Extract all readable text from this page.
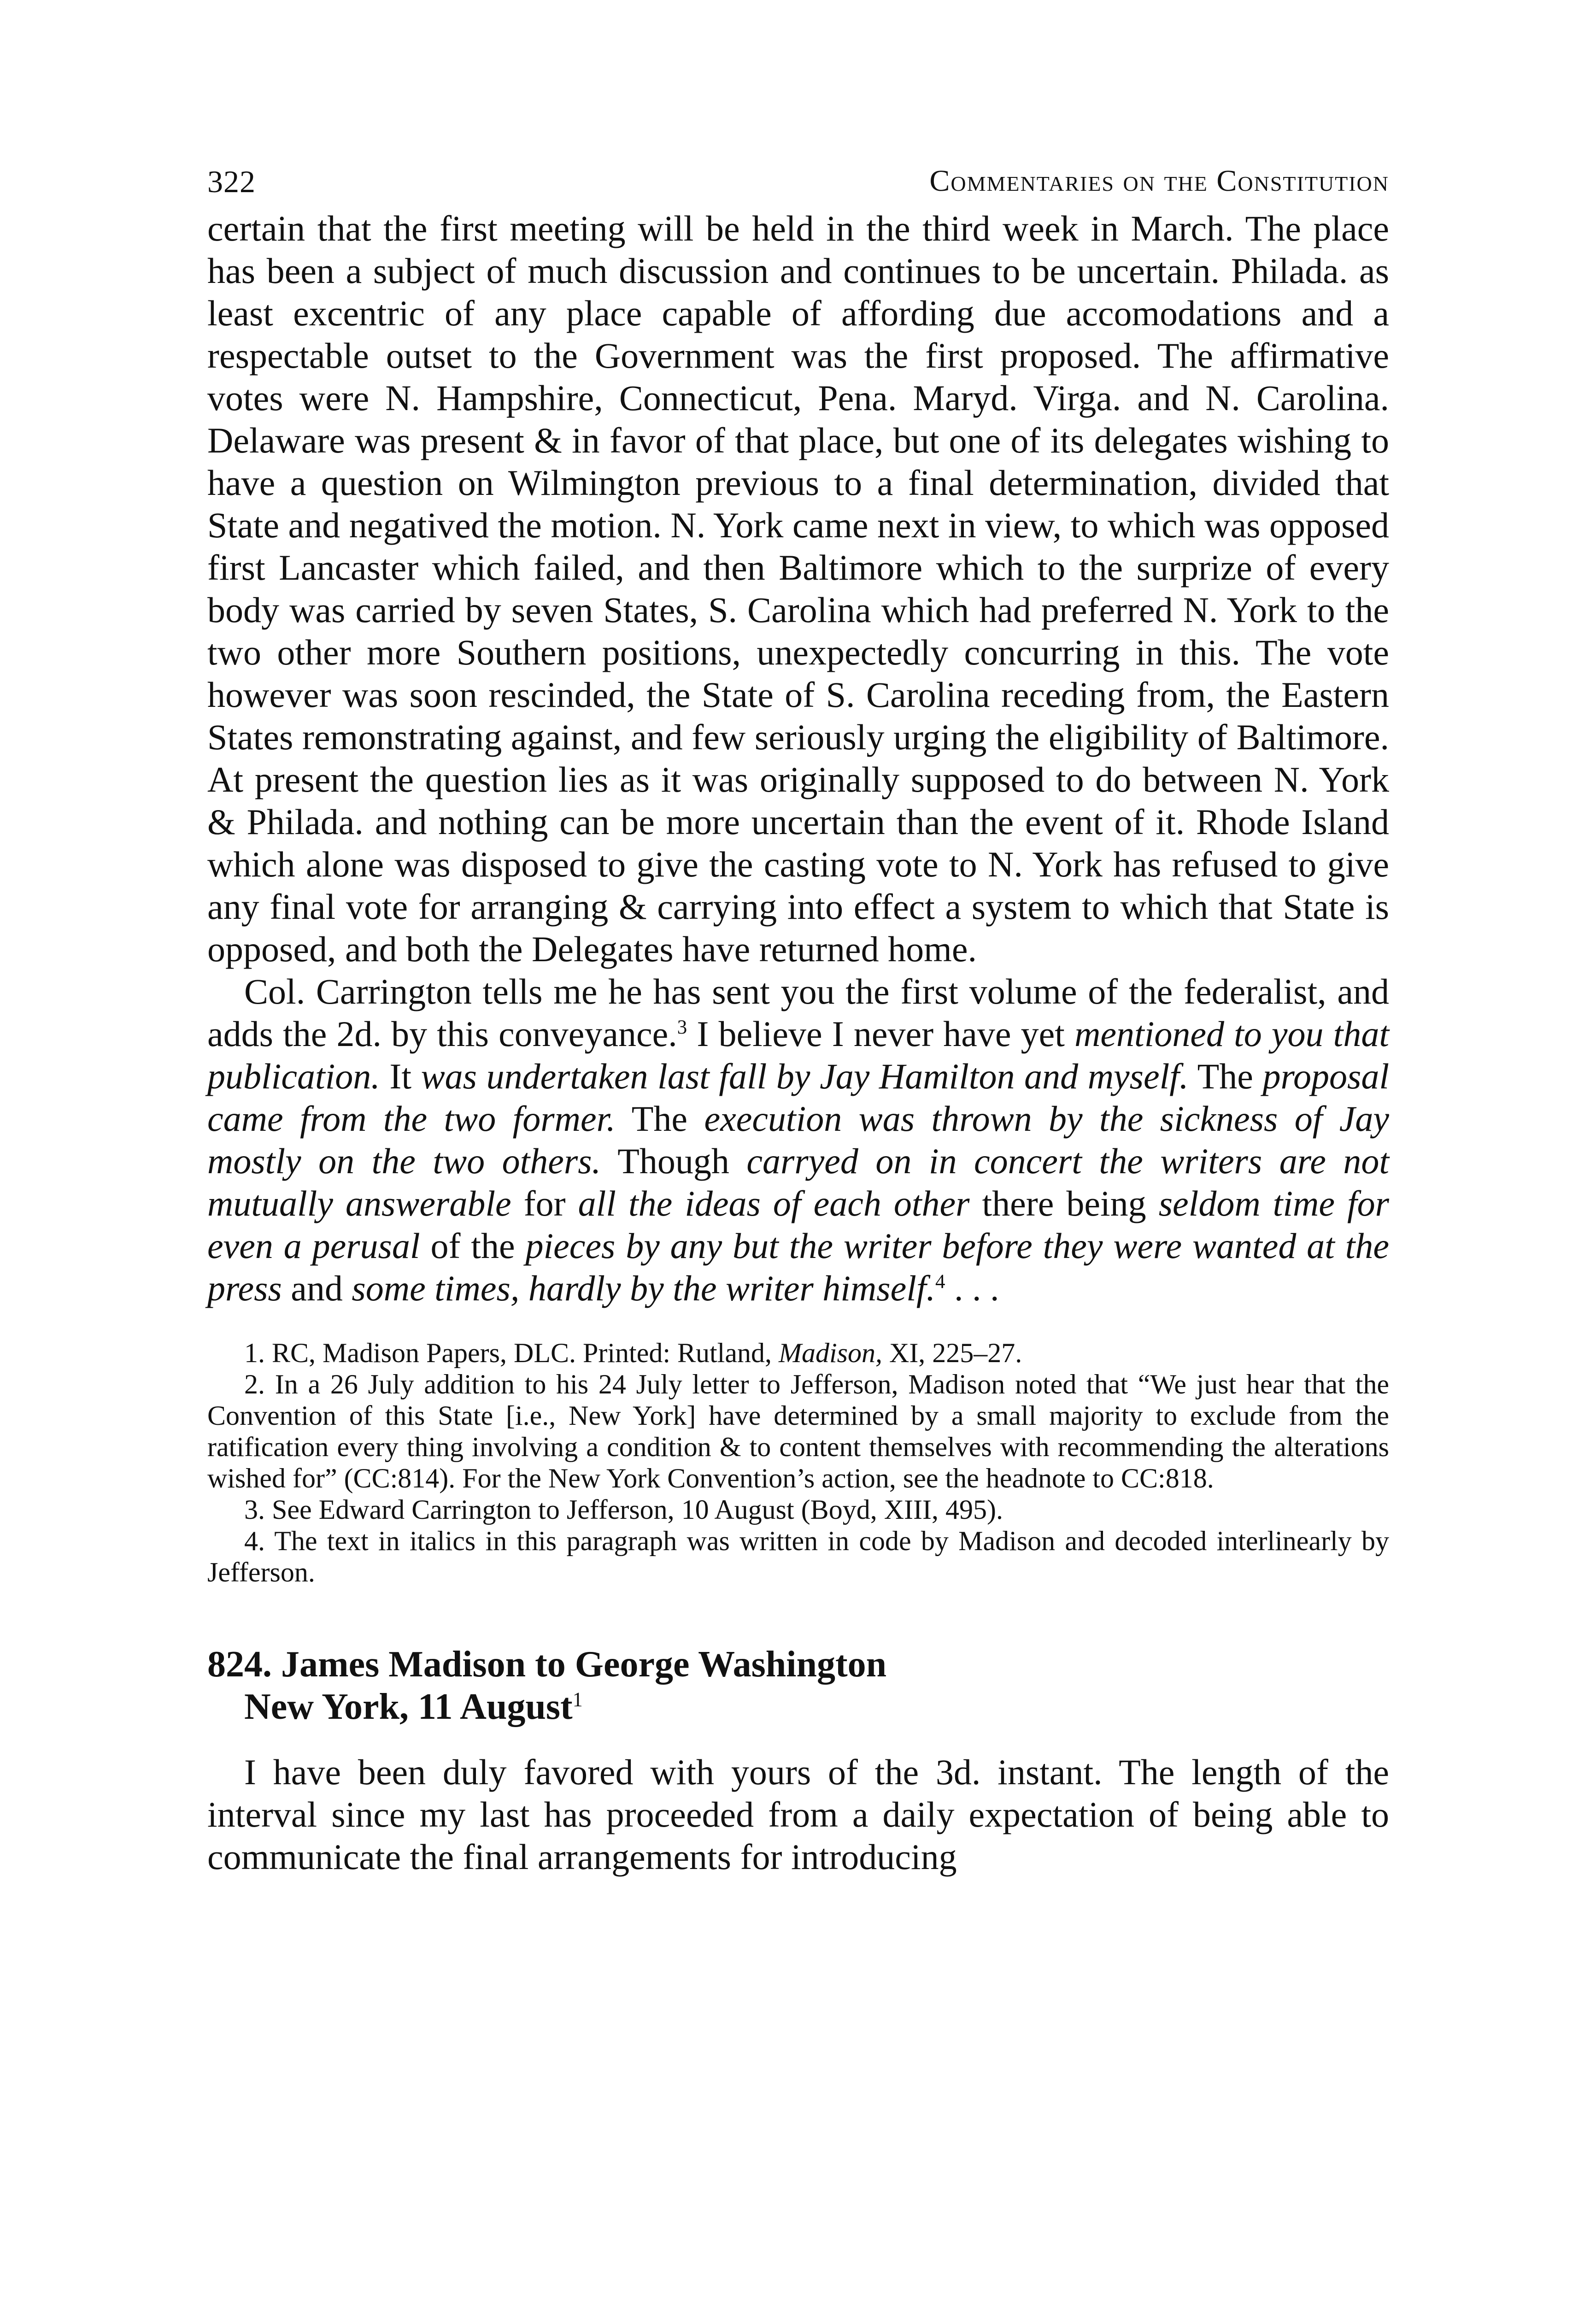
322	Commentaries on the Constitution

certain that the first meeting will be held in the third week in March. The place has been a subject of much discussion and continues to be uncertain. Philada. as least excentric of any place capable of affording due accomodations and a respectable outset to the Government was the first proposed. The affirmative votes were N. Hampshire, Connecticut, Pena. Maryd. Virga. and N. Carolina. Delaware was present & in favor of that place, but one of its delegates wishing to have a question on Wilmington previous to a final determination, divided that State and negatived the motion. N. York came next in view, to which was opposed first Lancaster which failed, and then Baltimore which to the surprize of every body was carried by seven States, S. Carolina which had preferred N. York to the two other more Southern positions, unexpectedly concurring in this. The vote however was soon rescinded, the State of S. Carolina receding from, the Eastern States remonstrating against, and few seriously urging the eligibility of Baltimore. At present the question lies as it was originally supposed to do between N. York & Philada. and nothing can be more uncertain than the event of it. Rhode Island which alone was disposed to give the casting vote to N. York has refused to give any final vote for arranging & carrying into effect a system to which that State is opposed, and both the Delegates have returned home.

Col. Carrington tells me he has sent you the first volume of the federalist, and adds the 2d. by this conveyance.$^3$ I believe I never have yet mentioned to you that publication. It was undertaken last fall by Jay Hamilton and myself. The proposal came from the two former. The execution was thrown by the sickness of Jay mostly on the two others. Though carryed on in concert the writers are not mutually answerable for all the ideas of each other there being seldom time for even a perusal of the pieces by any but the writer before they were wanted at the press and some times, hardly by the writer himself.$^4$ . . .

1. RC, Madison Papers, DLC. Printed: Rutland, Madison, XI, 225–27.

2. In a 26 July addition to his 24 July letter to Jefferson, Madison noted that “We just hear that the Convention of this State [i.e., New York] have determined by a small majority to exclude from the ratification every thing involving a condition & to content themselves with recommending the alterations wished for” (CC:814). For the New York Convention’s action, see the headnote to CC:818.

3. See Edward Carrington to Jefferson, 10 August (Boyd, XIII, 495).

4. The text in italics in this paragraph was written in code by Madison and decoded interlinearly by Jefferson.

824. James Madison to George Washington
New York, 11 August$^1$

I have been duly favored with yours of the 3d. instant. The length of the interval since my last has proceeded from a daily expectation of being able to communicate the final arrangements for introducing
